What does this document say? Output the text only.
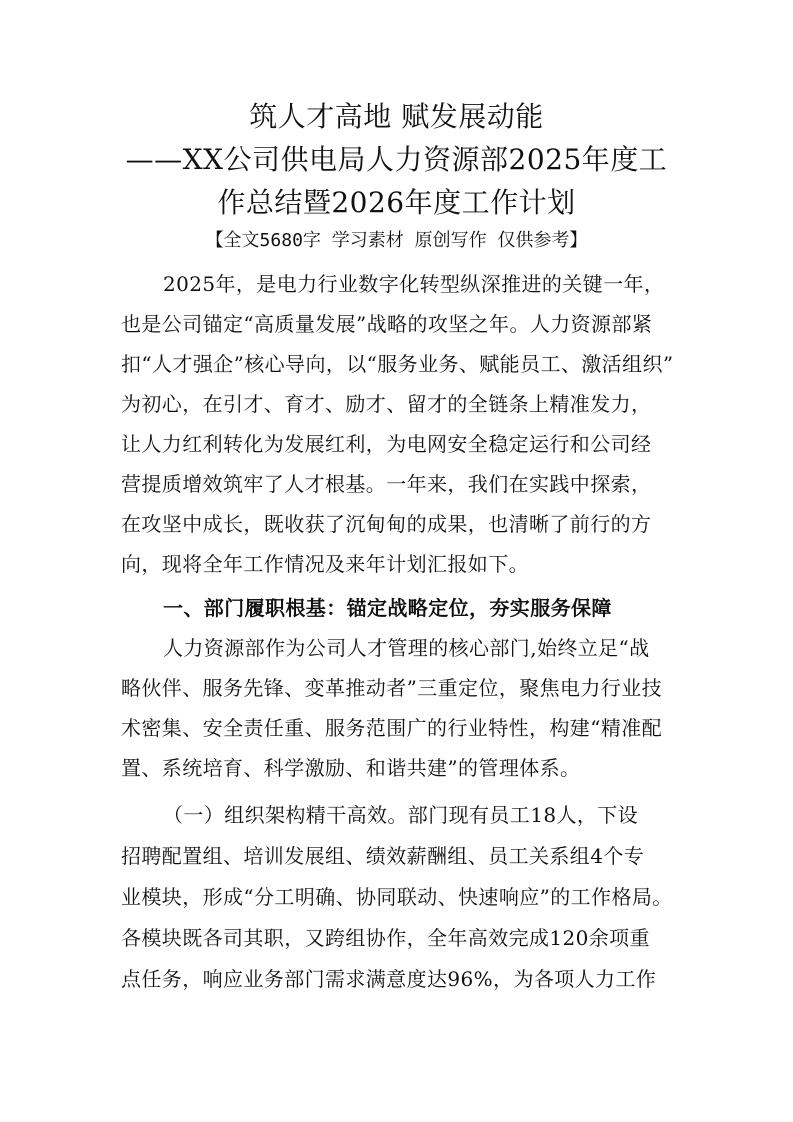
筑人才高地 赋发展动能
——XX公司供电局人力资源部2025年度工
作总结暨2026年度工作计划
【全文5680字 学习素材 原创写作 仅供参考】
2025年，是电力行业数字化转型纵深推进的关键一年，
也是公司锚定“高质量发展”战略的攻坚之年。人力资源部紧
扣“人才强企”核心导向，以“服务业务、赋能员工、激活组织”
为初心，在引才、育才、励才、留才的全链条上精准发力，
让人力红利转化为发展红利，为电网安全稳定运行和公司经
营提质增效筑牢了人才根基。一年来，我们在实践中探索，
在攻坚中成长，既收获了沉甸甸的成果，也清晰了前行的方
向，现将全年工作情况及来年计划汇报如下。
一、部门履职根基：锚定战略定位，夯实服务保障
人力资源部作为公司人才管理的核心部门,始终立足“战
略伙伴、服务先锋、变革推动者”三重定位，聚焦电力行业技
术密集、安全责任重、服务范围广的行业特性，构建“精准配
置、系统培育、科学激励、和谐共建”的管理体系。
（一）组织架构精干高效。部门现有员工18人，下设
招聘配置组、培训发展组、绩效薪酬组、员工关系组4个专
业模块，形成“分工明确、协同联动、快速响应”的工作格局。
各模块既各司其职，又跨组协作，全年高效完成120余项重
点任务，响应业务部门需求满意度达96%，为各项人力工作
